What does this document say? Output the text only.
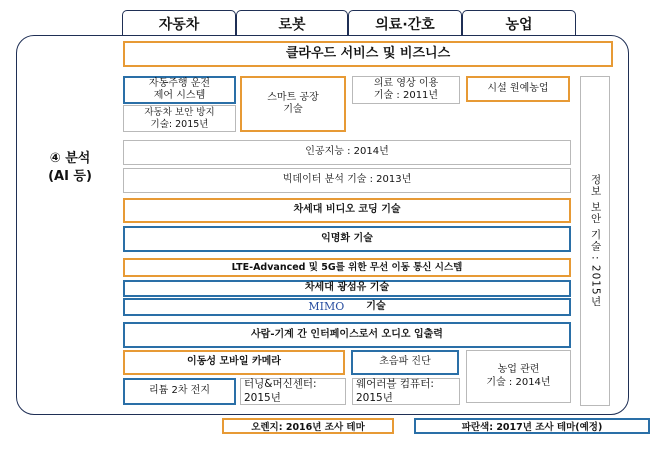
자동차	로봇	의료·간호	농업
④ 분석
(AI 등)
클라우드 서비스 및 비즈니스
자동주행 운전
제어 시스템
자동차 보안 방지
기술: 2015년
스마트 공장
기술
의료 영상 이용
기술 : 2011년
시설 원예농업
정보 보안 기술 : 2015년
인공지능 : 2014년
빅데이터 분석 기술 : 2013년
차세대 비디오 코딩 기술
익명화 기술
LTE-Advanced 및 5G를 위한 무선 이동 통신 시스템
차세대 광섬유 기술
MIMO 기술
사람-기계 간 인터페이스로서 오디오 입출력
이동성 모바일 카메라	초음파 진단
농업 관련
기술 : 2014년
리튬 2차 전지
터닝&머신센터:
2015년
웨어러블 컴퓨터:
2015년
오렌지: 2016년 조사 테마	파란색: 2017년 조사 테마(예정)
